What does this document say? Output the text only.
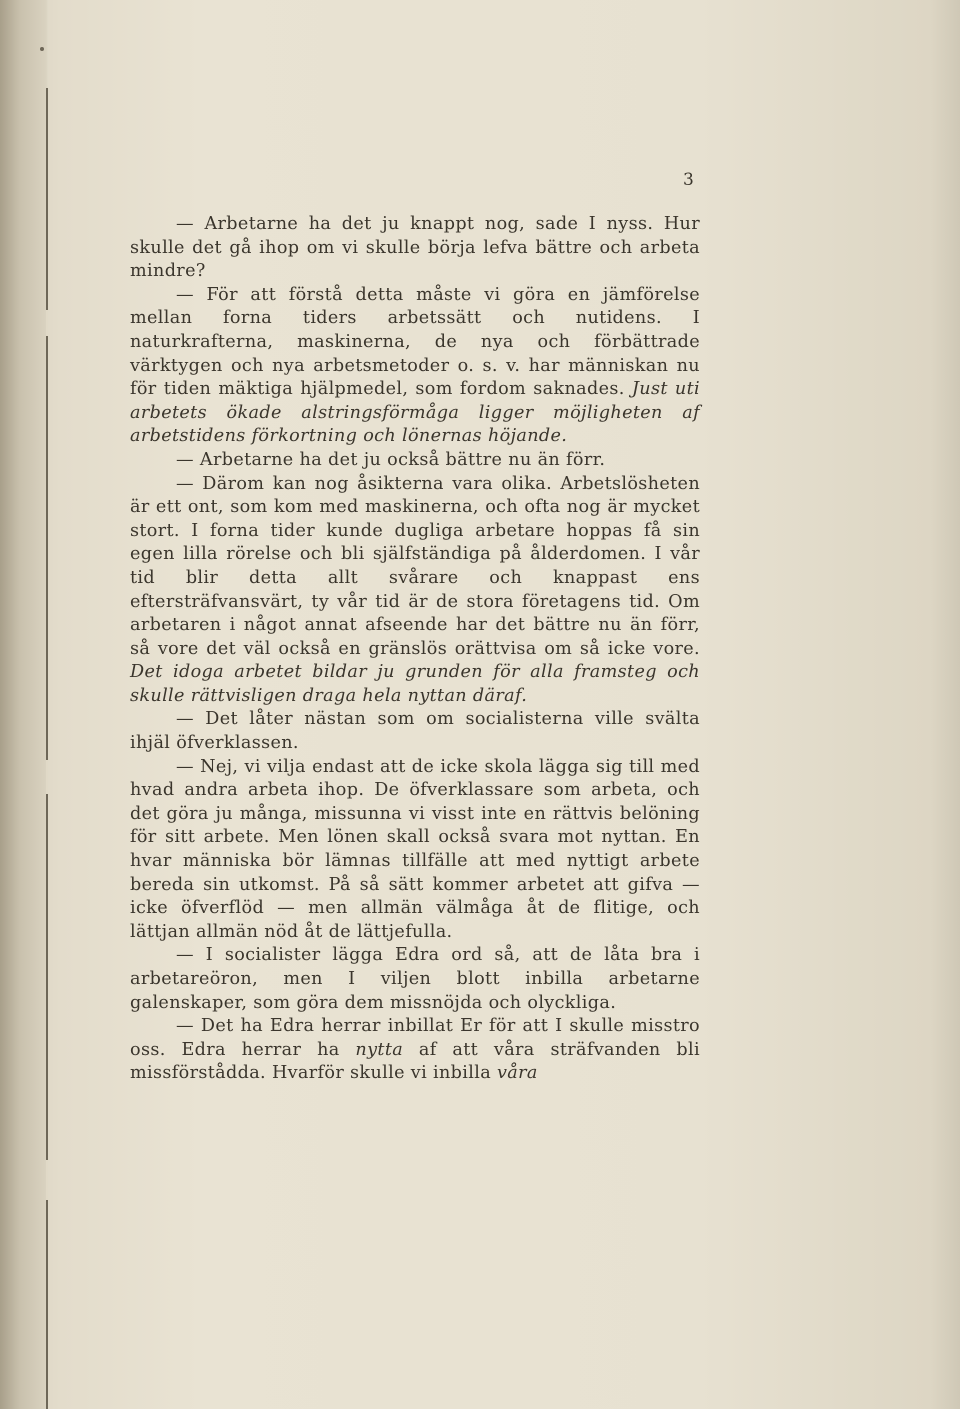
3

— Arbetarne ha det ju knappt nog, sade I nyss. Hur skulle det gå ihop om vi skulle börja lefva bättre och arbeta mindre?

— För att förstå detta måste vi göra en jämförelse mellan forna tiders arbetssätt och nutidens. I naturkrafterna, maskinerna, de nya och förbättrade värktygen och nya arbetsmetoder o. s. v. har människan nu för tiden mäktiga hjälpmedel, som fordom saknades. Just uti arbetets ökade alstringsförmåga ligger möjligheten af arbetstidens förkortning och lönernas höjande.

— Arbetarne ha det ju också bättre nu än förr.

— Därom kan nog åsikterna vara olika. Arbetslösheten är ett ont, som kom med maskinerna, och ofta nog är mycket stort. I forna tider kunde dugliga arbetare hoppas få sin egen lilla rörelse och bli själfständiga på ålderdomen. I vår tid blir detta allt svårare och knappast ens eftersträfvansvärt, ty vår tid är de stora företagens tid. Om arbetaren i något annat afseende har det bättre nu än förr, så vore det väl också en gränslös orättvisa om så icke vore. Det idoga arbetet bildar ju grunden för alla framsteg och skulle rättvisligen draga hela nyttan däraf.

— Det låter nästan som om socialisterna ville svälta ihjäl öfverklassen.

— Nej, vi vilja endast att de icke skola lägga sig till med hvad andra arbeta ihop. De öfverklassare som arbeta, och det göra ju många, missunna vi visst inte en rättvis belöning för sitt arbete. Men lönen skall också svara mot nyttan. En hvar människa bör lämnas tillfälle att med nyttigt arbete bereda sin utkomst. På så sätt kommer arbetet att gifva — icke öfverflöd — men allmän välmåga åt de flitige, och lättjan allmän nöd åt de lättjefulla.

— I socialister lägga Edra ord så, att de låta bra i arbetareöron, men I viljen blott inbilla arbetarne galenskaper, som göra dem missnöjda och olyckliga.

— Det ha Edra herrar inbillat Er för att I skulle misstro oss. Edra herrar ha nytta af att våra sträfvanden bli missförstådda. Hvarför skulle vi inbilla våra
